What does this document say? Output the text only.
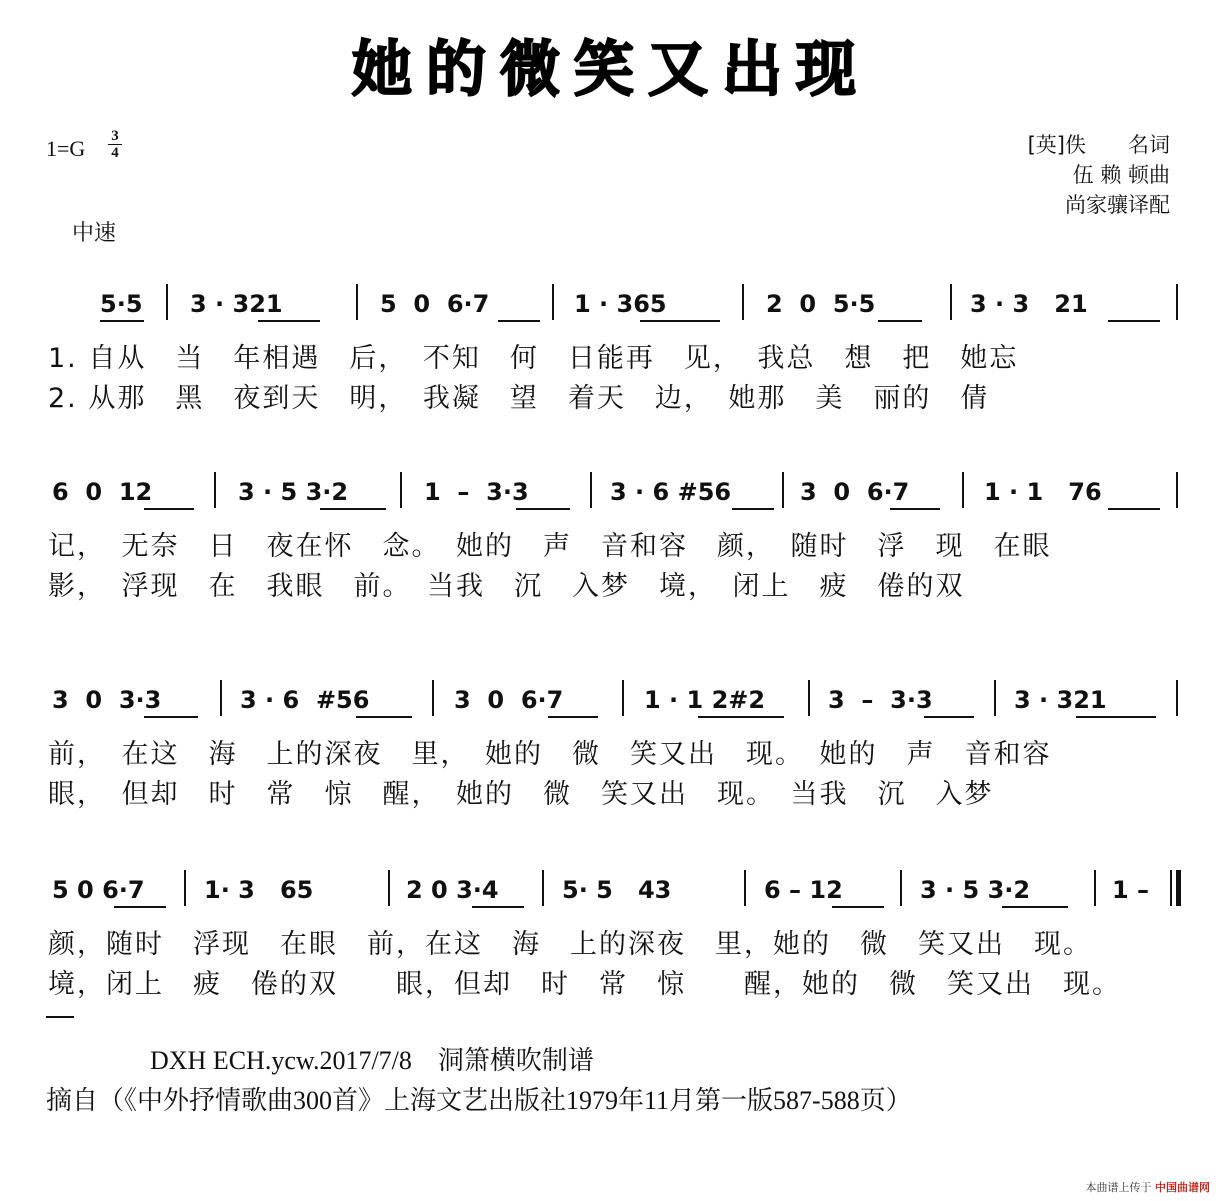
她的微笑又出现
1=G 3
4	[英]佚　　名词
伍 赖 顿曲
尚家骧译配
中速
5·5 3 · 321	5  0  6·7	1 · 365	2  0  5·5	3 · 3   21
1. 自从　当　年相遇　后，　不知　何　日能再　见，　我总　想　把　她忘
2. 从那　黑　夜到天　明，　我凝　望　着天　边，　她那　美　丽的　倩
6  0  12	3 · 5 3·2	1  –  3·3	3 · 6 #56	3  0  6·7	1 · 1   76
记，　无奈　日　夜在怀　念。　她的　声　音和容　颜，　随时　浮　现　在眼
影，　浮现　在　我眼　前。　当我　沉　入梦　境，　闭上　疲　倦的双
3  0  3·3	3 · 6  #56	3  0  6·7	1 · 1 2#2	3  –  3·3	3 · 321
前，　在这　海　上的深夜　里，　她的　微　笑又出　现。　她的　声　音和容
眼，　但却　时　常　惊　醒，　她的　微　笑又出　现。　当我　沉　入梦
5 0 6·7 1· 3   65	2 0 3·4	5· 5   43	6 – 12	3 · 5 3·2	1 –
颜，随时　浮现　在眼　前，在这　海　上的深夜　里，她的　微　笑又出　现。
境，闭上　疲　倦的双　　眼，但却　时　常　惊　　醒，她的　微　笑又出　现。
DXH ECH.ycw.2017/7/8　洞箫横吹制谱
摘自（《中外抒情歌曲300首》上海文艺出版社1979年11月第一版587-588页）
本曲谱上传于 中国曲谱网
